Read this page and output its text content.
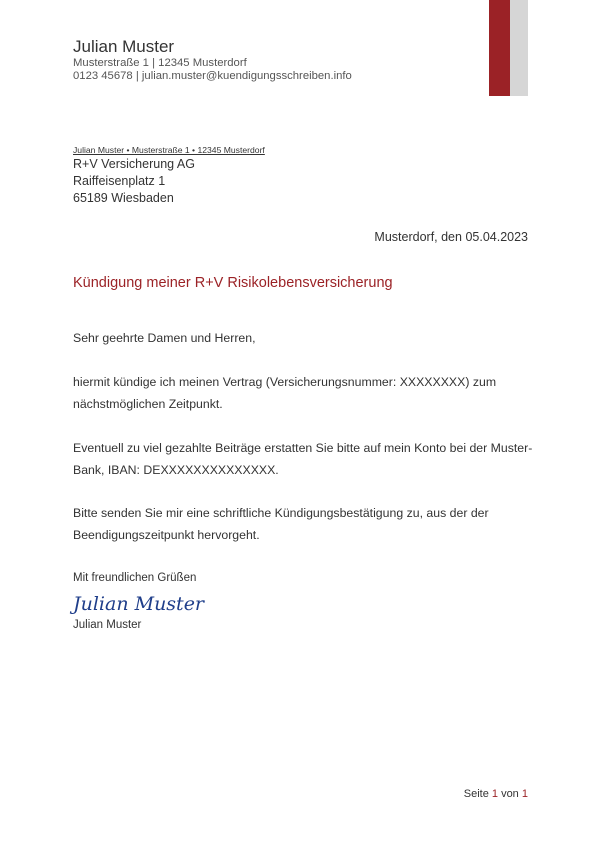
Julian Muster
Musterstraße 1 | 12345 Musterdorf
0123 45678 | julian.muster@kuendigungsschreiben.info
Julian Muster • Musterstraße 1 • 12345 Musterdorf
R+V Versicherung AG
Raiffeisenplatz 1
65189 Wiesbaden
Musterdorf, den 05.04.2023
Kündigung meiner R+V Risikolebensversicherung
Sehr geehrte Damen und Herren,
hiermit kündige ich meinen Vertrag (Versicherungsnummer: XXXXXXXX) zum
nächstmöglichen Zeitpunkt.
Eventuell zu viel gezahlte Beiträge erstatten Sie bitte auf mein Konto bei der Muster-
Bank, IBAN: DEXXXXXXXXXXXXXX.
Bitte senden Sie mir eine schriftliche Kündigungsbestätigung zu, aus der der
Beendigungszeitpunkt hervorgeht.
Mit freundlichen Grüßen
Julian Muster
Julian Muster
Seite 1 von 1
